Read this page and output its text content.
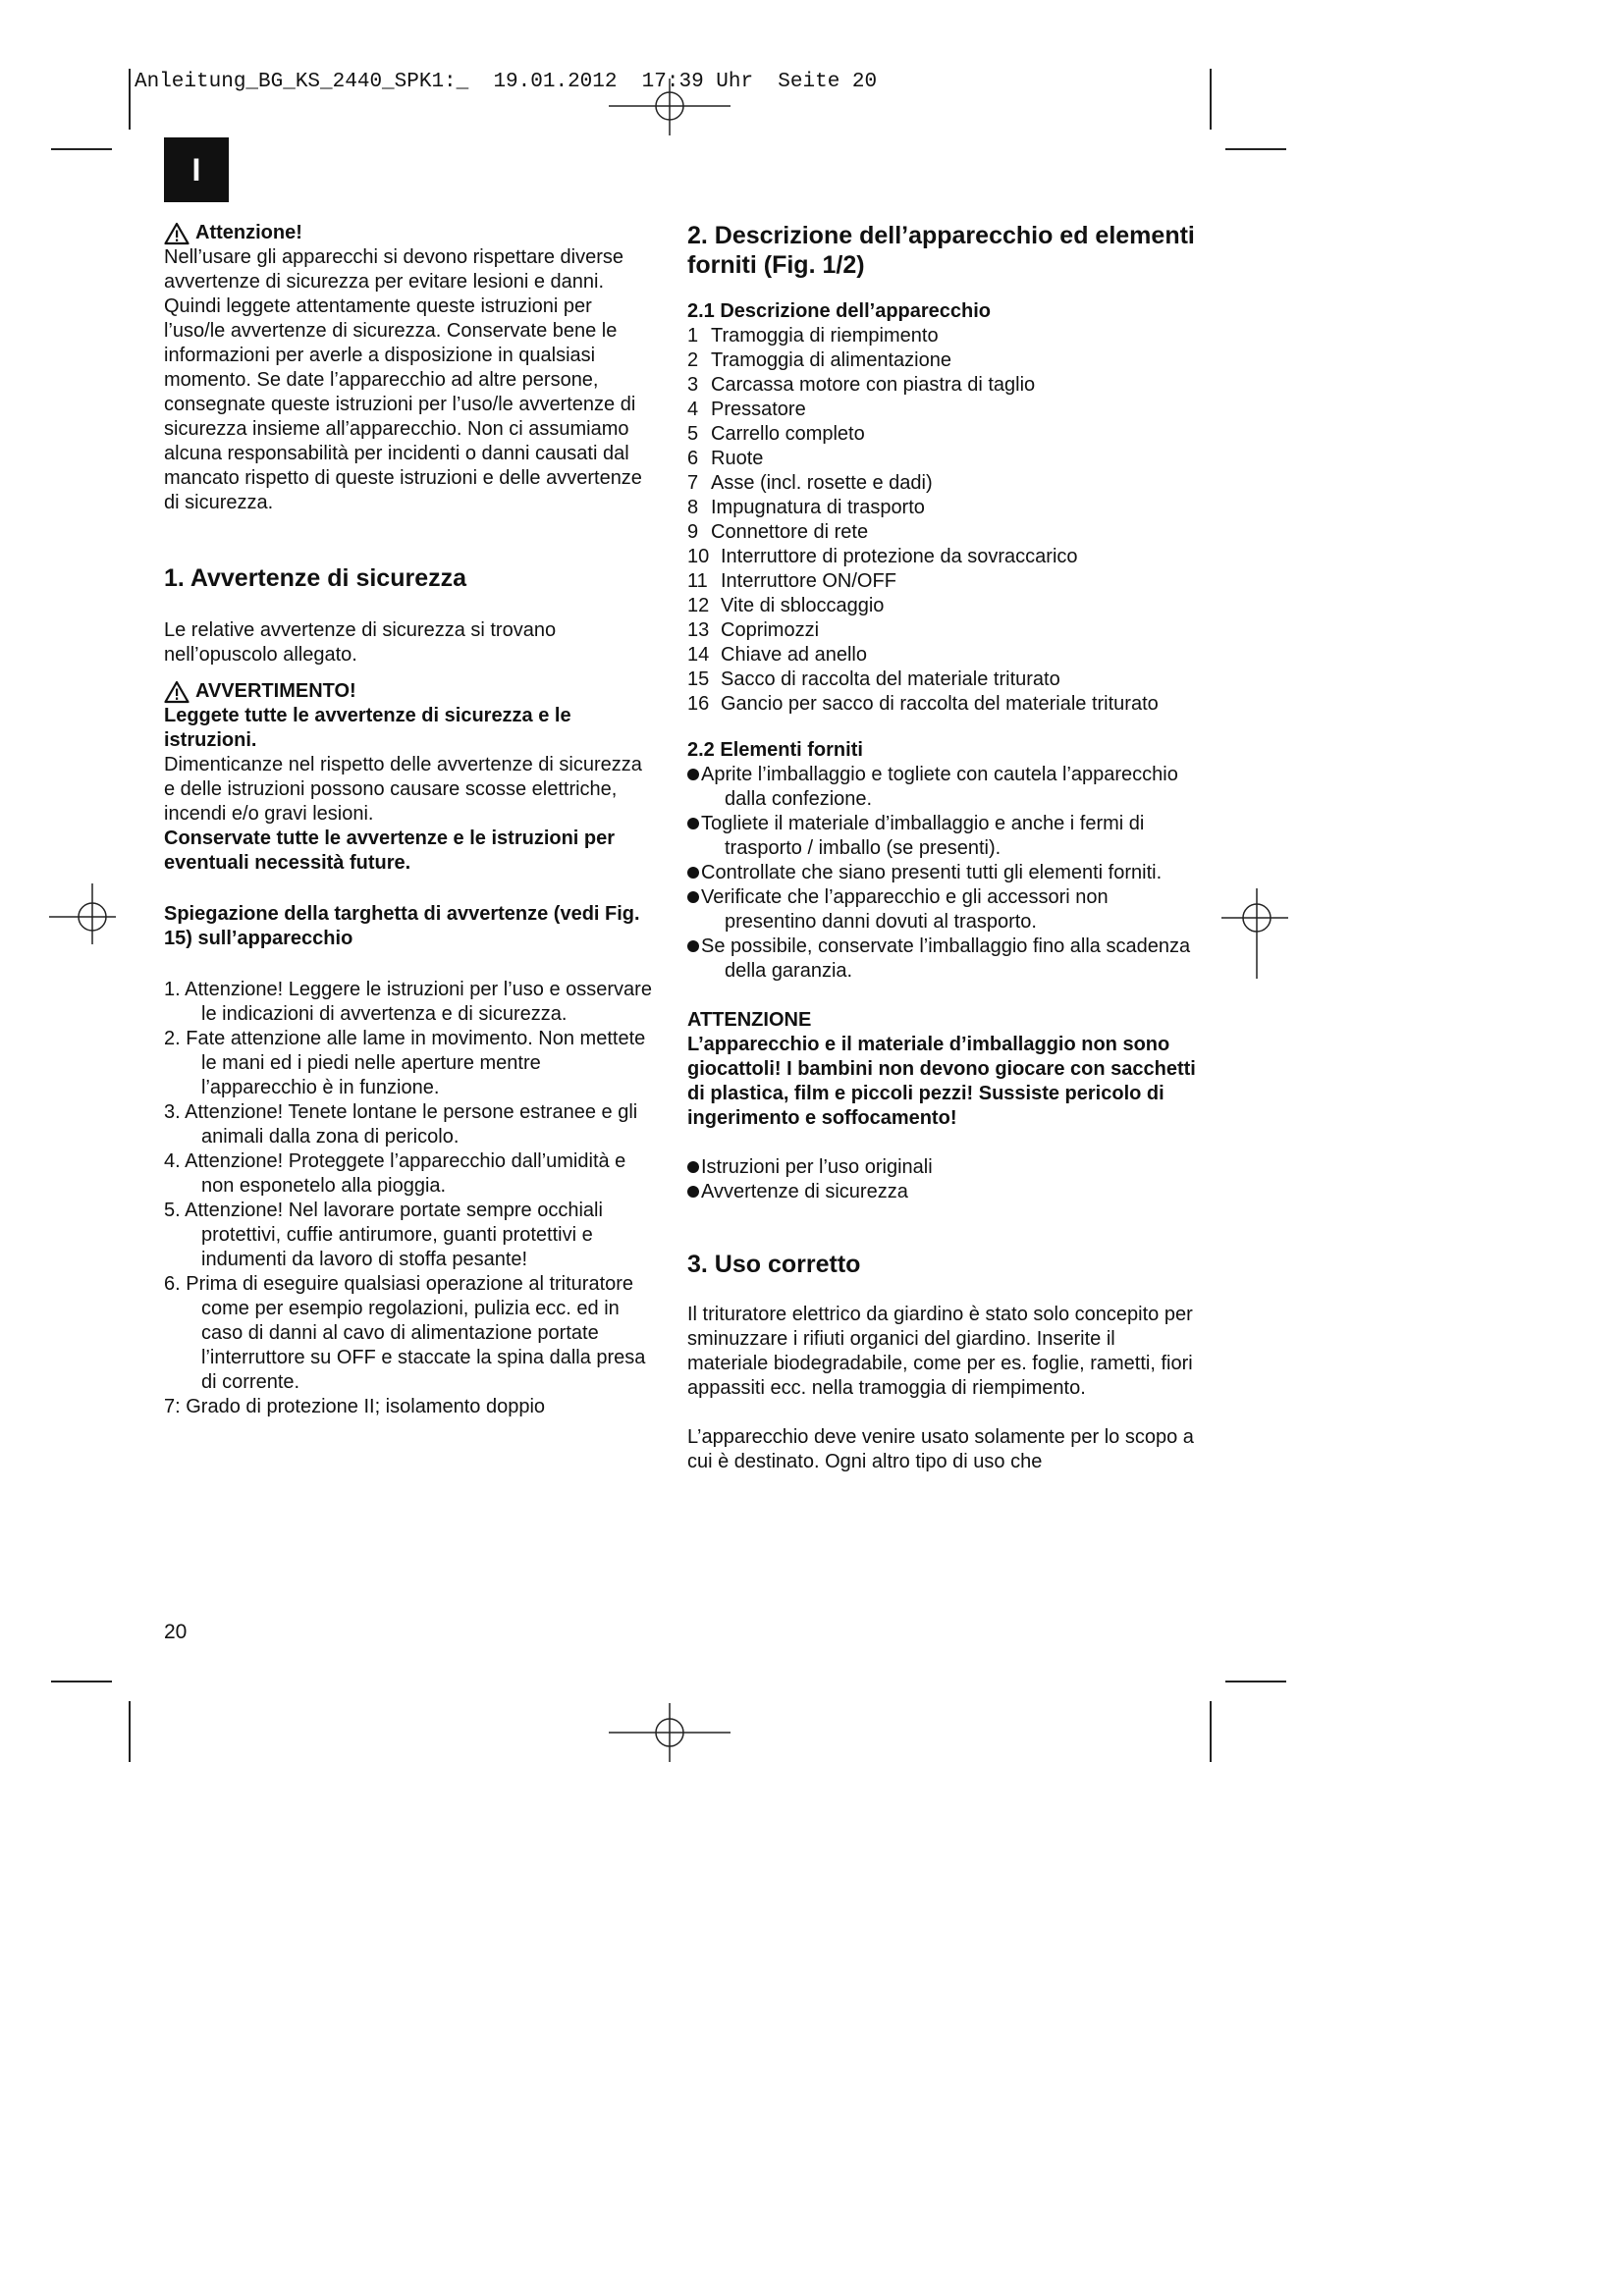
Anleitung_BG_KS_2440_SPK1:_  19.01.2012  17:39 Uhr  Seite 20
I
Attenzione!

Nell’usare gli apparecchi si devono rispettare diverse avvertenze di sicurezza per evitare lesioni e danni. Quindi leggete attentamente queste istruzioni per l’uso/le avvertenze di sicurezza. Conservate bene le informazioni per averle a disposizione in qualsiasi momento. Se date l’apparecchio ad altre persone, consegnate queste istruzioni per l’uso/le avvertenze di sicurezza insieme all’apparecchio. Non ci assumiamo alcuna responsabilità per incidenti o danni causati dal mancato rispetto di queste istruzioni e delle avvertenze di sicurezza.

1. Avvertenze di sicurezza

Le relative avvertenze di sicurezza si trovano nell’opuscolo allegato.

AVVERTIMENTO!

Leggete tutte le avvertenze di sicurezza e le istruzioni.

Dimenticanze nel rispetto delle avvertenze di sicurezza e delle istruzioni possono causare scosse elettriche, incendi e/o gravi lesioni.

Conservate tutte le avvertenze e le istruzioni per eventuali necessità future.

Spiegazione della targhetta di avvertenze (vedi Fig. 15) sull’apparecchio
1. Attenzione! Leggere le istruzioni per l’uso e osservare le indicazioni di avvertenza e di sicurezza.
2. Fate attenzione alle lame in movimento. Non mettete le mani ed i piedi nelle aperture mentre l’apparecchio è in funzione.
3. Attenzione! Tenete lontane le persone estranee e gli animali dalla zona di pericolo.
4. Attenzione! Proteggete l’apparecchio dall’umidità e non esponetelo alla pioggia.
5. Attenzione! Nel lavorare portate sempre occhiali protettivi, cuffie antirumore, guanti protettivi e indumenti da lavoro di stoffa pesante!
6. Prima di eseguire qualsiasi operazione al trituratore come per esempio regolazioni, pulizia ecc. ed in caso di danni al cavo di alimentazione portate l’interruttore su OFF e staccate la spina dalla presa di corrente.
7: Grado di protezione II; isolamento doppio
2. Descrizione dell’apparecchio ed elementi forniti (Fig. 1/2)
2.1 Descrizione dell’apparecchio
1 Tramoggia di riempimento
2 Tramoggia di alimentazione
3 Carcassa motore con piastra di taglio
4 Pressatore
5 Carrello completo
6 Ruote
7 Asse (incl. rosette e dadi)
8 Impugnatura di trasporto
9 Connettore di rete
10 Interruttore di protezione da sovraccarico
11 Interruttore ON/OFF
12 Vite di sbloccaggio
13 Coprimozzi
14 Chiave ad anello
15 Sacco di raccolta del materiale triturato
16 Gancio per sacco di raccolta del materiale triturato
2.2 Elementi forniti
Aprite l’imballaggio e togliete con cautela l’apparecchio dalla confezione.
Togliete il materiale d’imballaggio e anche i fermi di trasporto / imballo (se presenti).
Controllate che siano presenti tutti gli elementi forniti.
Verificate che l’apparecchio e gli accessori non presentino danni dovuti al trasporto.
Se possibile, conservate l’imballaggio fino alla scadenza della garanzia.
ATTENZIONE

L’apparecchio e il materiale d’imballaggio non sono giocattoli! I bambini non devono giocare con sacchetti di plastica, film e piccoli pezzi! Sussiste pericolo di ingerimento e soffocamento!

Istruzioni per l’uso originali
Avvertenze di sicurezza
3. Uso corretto

Il trituratore elettrico da giardino è stato solo concepito per sminuzzare i rifiuti organici del giardino. Inserite il materiale biodegradabile, come per es. foglie, rametti, fiori appassiti ecc. nella tramoggia di riempimento.

L’apparecchio deve venire usato solamente per lo scopo a cui è destinato. Ogni altro tipo di uso che

20
